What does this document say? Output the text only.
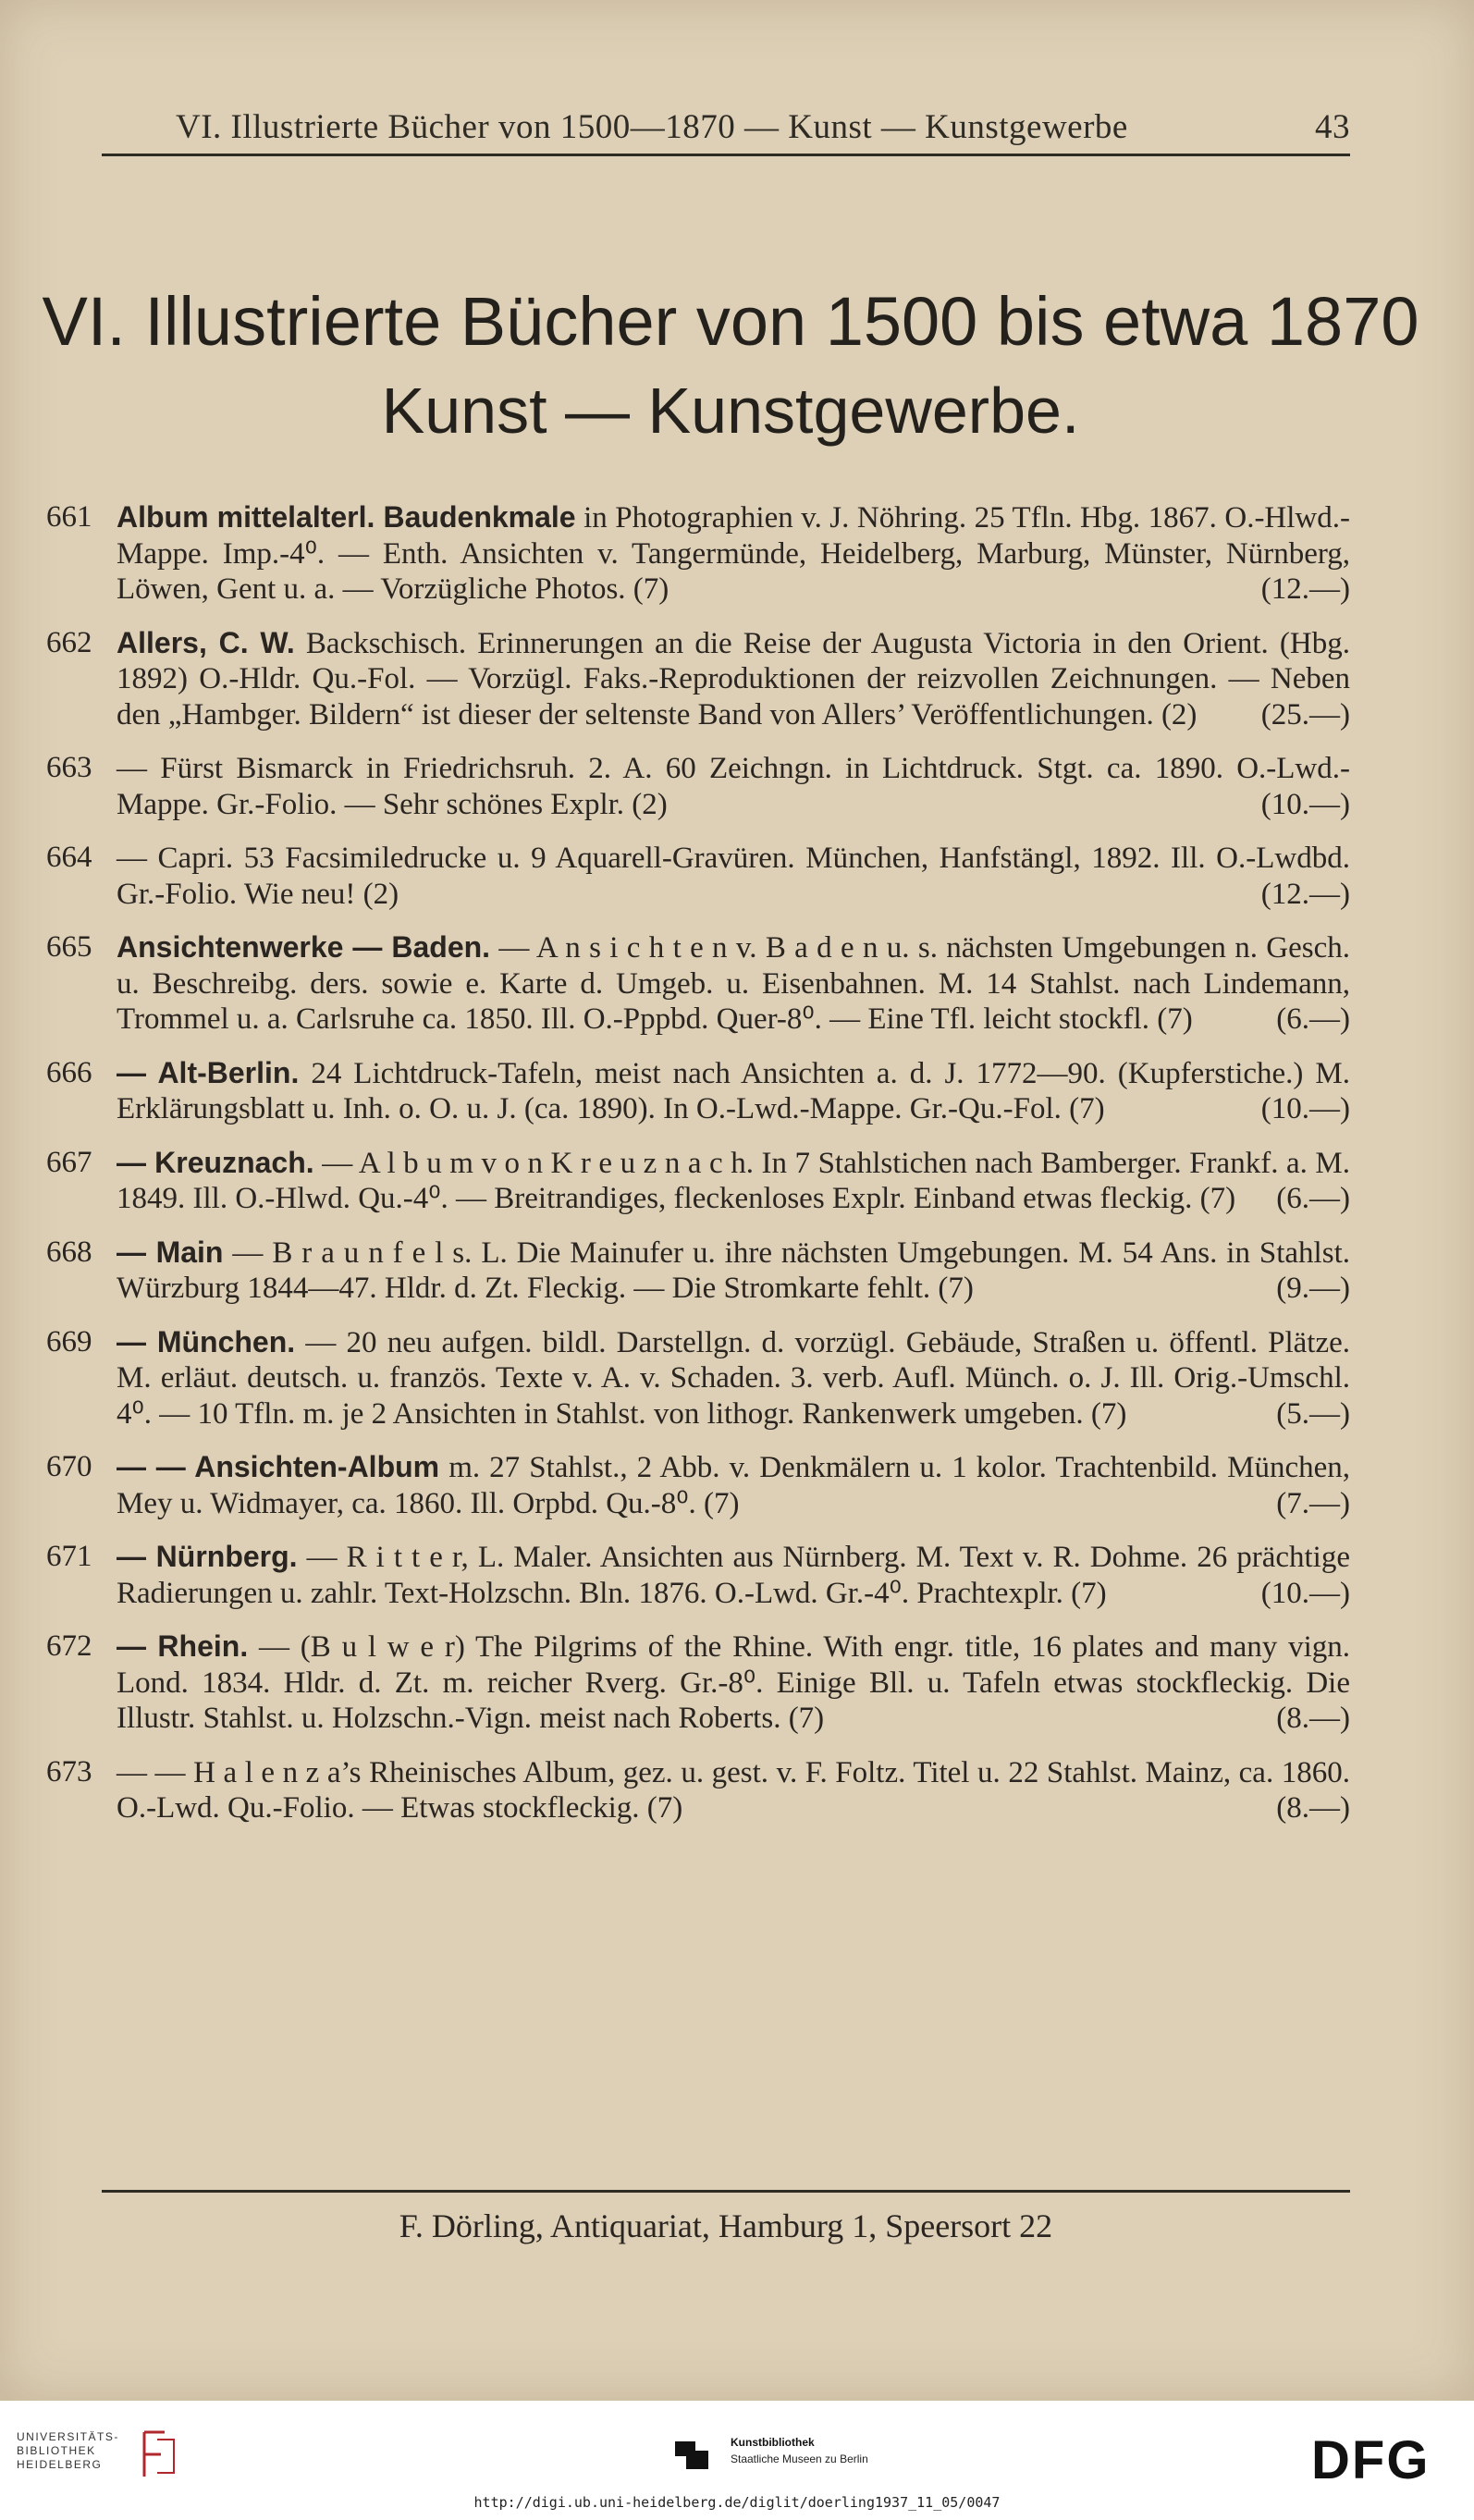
VI. Illustrierte Bücher von 1500—1870 — Kunst — Kunstgewerbe	43
VI. Illustrierte Bücher von 1500 bis etwa 1870
Kunst — Kunstgewerbe.
661 Album mittelalterl. Baudenkmale in Photographien v. J. Nöhring. 25 Tfln. Hbg. 1867. O.-Hlwd.-Mappe. Imp.-4⁰. — Enth. Ansichten v. Tangermünde, Heidelberg, Marburg, Münster, Nürnberg, Löwen, Gent u. a. — Vorzügliche Photos. (7)	(12.—)
662 Allers, C. W. Backschisch. Erinnerungen an die Reise der Augusta Victoria in den Orient. (Hbg. 1892) O.-Hldr. Qu.-Fol. — Vorzügl. Faks.-Reproduktionen der reizvollen Zeichnungen. — Neben den „Hambger. Bildern“ ist dieser der seltenste Band von Allers’ Veröffentlichungen. (2)	(25.—)
663 — Fürst Bismarck in Friedrichsruh. 2. A. 60 Zeichngn. in Lichtdruck. Stgt. ca. 1890. O.-Lwd.-Mappe. Gr.-Folio. — Sehr schönes Explr. (2)	(10.—)
664 — Capri. 53 Facsimiledrucke u. 9 Aquarell-Gravüren. München, Hanfstängl, 1892. Ill. O.-Lwdbd. Gr.-Folio. Wie neu! (2)	(12.—)
665 Ansichtenwerke — Baden. — A n s i c h t e n v. B a d e n u. s. nächsten Umgebungen n. Gesch. u. Beschreibg. ders. sowie e. Karte d. Umgeb. u. Eisenbahnen. M. 14 Stahlst. nach Lindemann, Trommel u. a. Carlsruhe ca. 1850. Ill. O.-Pppbd. Quer-8⁰. — Eine Tfl. leicht stockfl. (7)	(6.—)
666 — Alt-Berlin. 24 Lichtdruck-Tafeln, meist nach Ansichten a. d. J. 1772—90. (Kupferstiche.) M. Erklärungsblatt u. Inh. o. O. u. J. (ca. 1890). In O.-Lwd.-Mappe. Gr.-Qu.-Fol. (7)	(10.—)
667 — Kreuznach. — A l b u m v o n K r e u z n a c h. In 7 Stahlstichen nach Bamberger. Frankf. a. M. 1849. Ill. O.-Hlwd. Qu.-4⁰. — Breitrandiges, fleckenloses Explr. Einband etwas fleckig. (7)	(6.—)
668 — Main — B r a u n f e l s. L. Die Mainufer u. ihre nächsten Umgebungen. M. 54 Ans. in Stahlst. Würzburg 1844—47. Hldr. d. Zt. Fleckig. — Die Stromkarte fehlt. (7)	(9.—)
669 — München. — 20 neu aufgen. bildl. Darstellgn. d. vorzügl. Gebäude, Straßen u. öffentl. Plätze. M. erläut. deutsch. u. französ. Texte v. A. v. Schaden. 3. verb. Aufl. Münch. o. J. Ill. Orig.-Umschl. 4⁰. — 10 Tfln. m. je 2 Ansichten in Stahlst. von lithogr. Rankenwerk umgeben. (7)	(5.—)
670 — — Ansichten-Album m. 27 Stahlst., 2 Abb. v. Denkmälern u. 1 kolor. Trachtenbild. München, Mey u. Widmayer, ca. 1860. Ill. Orpbd. Qu.-8⁰. (7)	(7.—)
671 — Nürnberg. — R i t t e r, L. Maler. Ansichten aus Nürnberg. M. Text v. R. Dohme. 26 prächtige Radierungen u. zahlr. Text-Holzschn. Bln. 1876. O.-Lwd. Gr.-4⁰. Prachtexplr. (7)	(10.—)
672 — Rhein. — (B u l w e r) The Pilgrims of the Rhine. With engr. title, 16 plates and many vign. Lond. 1834. Hldr. d. Zt. m. reicher Rverg. Gr.-8⁰. Einige Bll. u. Tafeln etwas stockfleckig. Die Illustr. Stahlst. u. Holzschn.-Vign. meist nach Roberts. (7)	(8.—)
673 — — H a l e n z a’s Rheinisches Album, gez. u. gest. v. F. Foltz. Titel u. 22 Stahlst. Mainz, ca. 1860. O.-Lwd. Qu.-Folio. — Etwas stockfleckig. (7)	(8.—)
F. Dörling, Antiquariat, Hamburg 1, Speersort 22
UNIVERSITÄTS-
BIBLIOTHEK
HEIDELBERG
Kunstbibliothek
Staatliche Museen zu Berlin	DFG
http://digi.ub.uni-heidelberg.de/diglit/doerling1937_11_05/0047
